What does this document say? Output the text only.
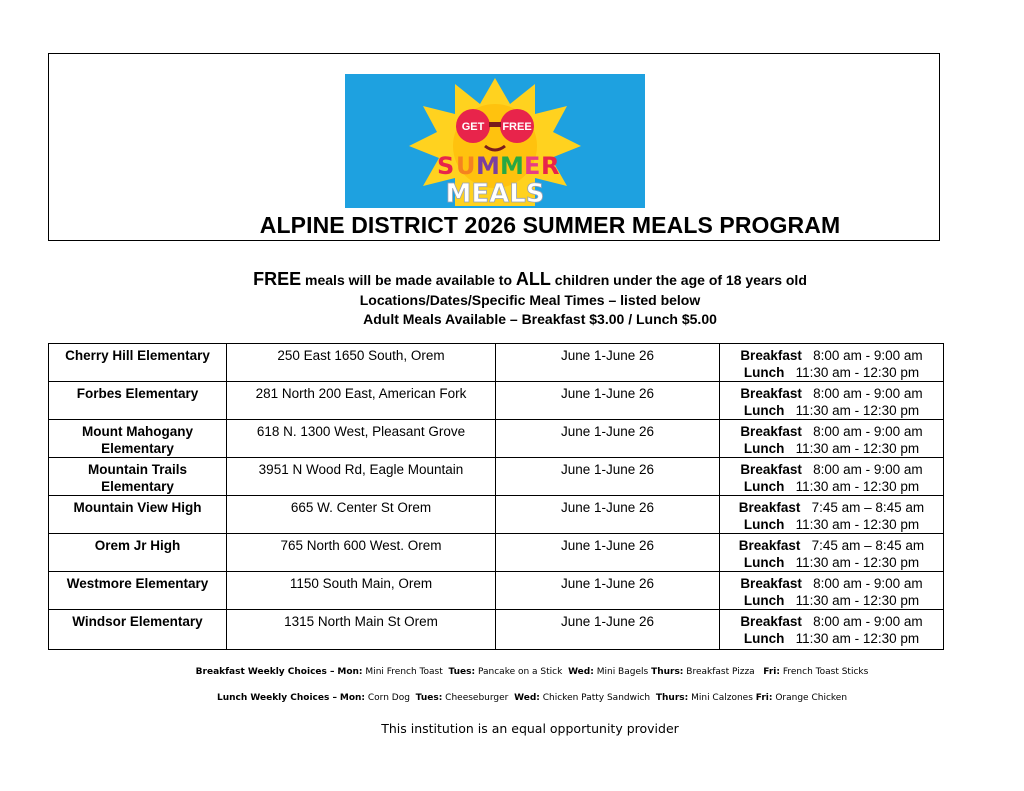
GET FREE
S U M M E R
MEALS
ALPINE DISTRICT 2026 SUMMER MEALS PROGRAM
FREE meals will be made available to ALL children under the age of 18 years old
Locations/Dates/Specific Meal Times – listed below
Adult Meals Available – Breakfast $3.00 / Lunch $5.00
Cherry Hill Elementary	250 East 1650 South, Orem	June 1-June 26	Breakfast 8:00 am - 9:00 am
Lunch 11:30 am - 12:30 pm

Forbes Elementary	281 North 200 East, American Fork	June 1-June 26	Breakfast 8:00 am - 9:00 am
Lunch 11:30 am - 12:30 pm

Mount Mahogany Elementary	618 N. 1300 West, Pleasant Grove	June 1-June 26	Breakfast 8:00 am - 9:00 am
Lunch 11:30 am - 12:30 pm

Mountain Trails Elementary	3951 N Wood Rd, Eagle Mountain	June 1-June 26	Breakfast 8:00 am - 9:00 am
Lunch 11:30 am - 12:30 pm

Mountain View High	665 W. Center St Orem	June 1-June 26	Breakfast 7:45 am – 8:45 am
Lunch 11:30 am - 12:30 pm

Orem Jr High	765 North 600 West. Orem	June 1-June 26	Breakfast 7:45 am – 8:45 am
Lunch 11:30 am - 12:30 pm

Westmore Elementary	1150 South Main, Orem	June 1-June 26	Breakfast 8:00 am - 9:00 am
Lunch 11:30 am - 12:30 pm

Windsor Elementary	1315 North Main St Orem	June 1-June 26	Breakfast 8:00 am - 9:00 am
Lunch 11:30 am - 12:30 pm
Breakfast Weekly Choices – Mon: Mini French Toast Tues: Pancake on a Stick Wed: Mini Bagels Thurs: Breakfast Pizza Fri: French Toast Sticks
Lunch Weekly Choices – Mon: Corn Dog Tues: Cheeseburger Wed: Chicken Patty Sandwich Thurs: Mini Calzones Fri: Orange Chicken
This institution is an equal opportunity provider
